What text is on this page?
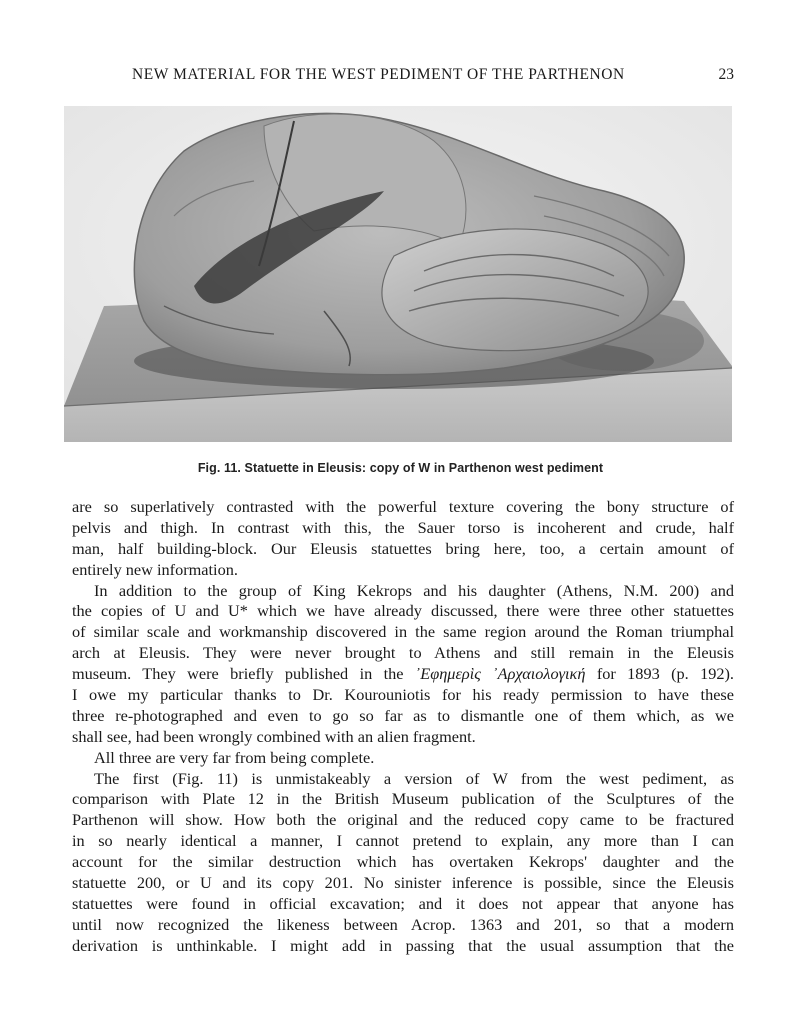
NEW MATERIAL FOR THE WEST PEDIMENT OF THE PARTHENON	23
Fig. 11. Statuette in Eleusis: copy of W in Parthenon west pediment
are so superlatively contrasted with the powerful texture covering the bony structure of
pelvis and thigh. In contrast with this, the Sauer torso is incoherent and crude, half
man, half building-block. Our Eleusis statuettes bring here, too, a certain amount of
entirely new information.
In addition to the group of King Kekrops and his daughter (Athens, N.M. 200) and
the copies of U and U* which we have already discussed, there were three other statuettes
of similar scale and workmanship discovered in the same region around the Roman triumphal
arch at Eleusis. They were never brought to Athens and still remain in the Eleusis
museum. They were briefly published in the ᾿Εφημερὶς ᾿Αρχαιολογική for 1893 (p. 192).
I owe my particular thanks to Dr. Kourouniotis for his ready permission to have these
three re-photographed and even to go so far as to dismantle one of them which, as we
shall see, had been wrongly combined with an alien fragment.
All three are very far from being complete.
The first (Fig. 11) is unmistakeably a version of W from the west pediment, as
comparison with Plate 12 in the British Museum publication of the Sculptures of the
Parthenon will show. How both the original and the reduced copy came to be fractured
in so nearly identical a manner, I cannot pretend to explain, any more than I can
account for the similar destruction which has overtaken Kekrops' daughter and the
statuette 200, or U and its copy 201. No sinister inference is possible, since the Eleusis
statuettes were found in official excavation; and it does not appear that anyone has
until now recognized the likeness between Acrop. 1363 and 201, so that a modern
derivation is unthinkable. I might add in passing that the usual assumption that the
